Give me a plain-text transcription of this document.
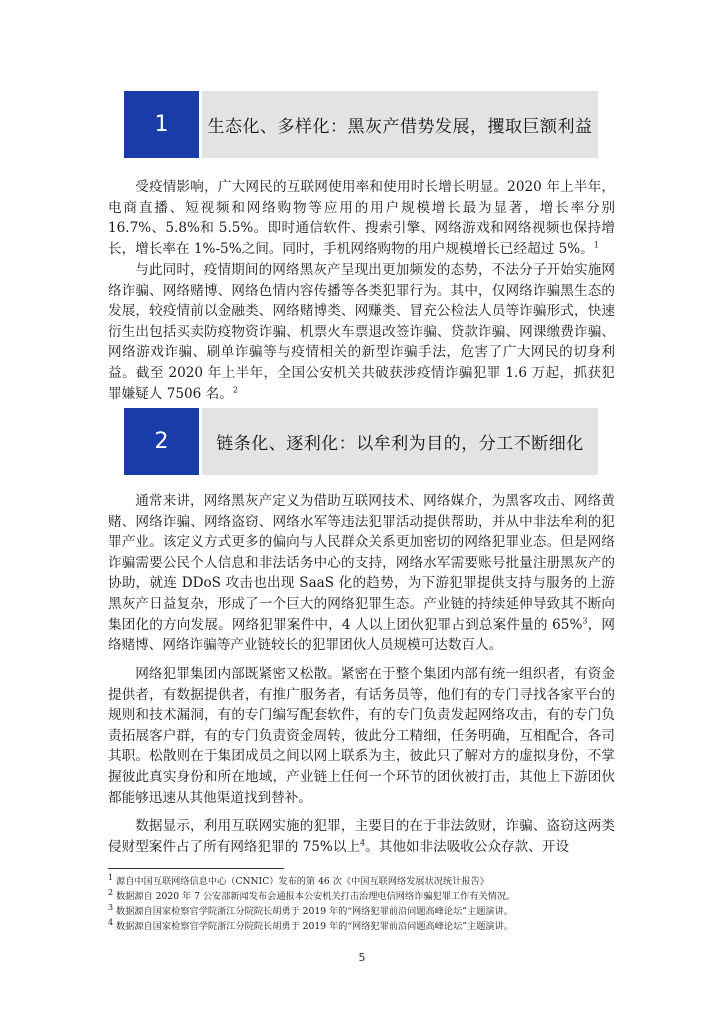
1	生态化、多样化：黑灰产借势发展，攫取巨额利益

受疫情影响，广大网民的互联网使用率和使用时长增长明显。2020 年上半年，电商直播、短视频和网络购物等应用的用户规模增长最为显著，增长率分别 16.7%、5.8%和 5.5%。即时通信软件、搜索引擎、网络游戏和网络视频也保持增长，增长率在 1%-5%之间。同时，手机网络购物的用户规模增长已经超过 5%。$^1$

与此同时，疫情期间的网络黑灰产呈现出更加频发的态势，不法分子开始实施网络诈骗、网络赌博、网络色情内容传播等各类犯罪行为。其中，仅网络诈骗黑生态的发展，较疫情前以金融类、网络赌博类、网赚类、冒充公检法人员等诈骗形式，快速衍生出包括买卖防疫物资诈骗、机票火车票退改签诈骗、贷款诈骗、网课缴费诈骗、网络游戏诈骗、刷单诈骗等与疫情相关的新型诈骗手法，危害了广大网民的切身利益。截至 2020 年上半年，全国公安机关共破获涉疫情诈骗犯罪 1.6 万起，抓获犯罪嫌疑人 7506 名。$^2$

2	链条化、逐利化：以牟利为目的，分工不断细化

通常来讲，网络黑灰产定义为借助互联网技术、网络媒介，为黑客攻击、网络黄赌、网络诈骗、网络盗窃、网络水军等违法犯罪活动提供帮助，并从中非法牟利的犯罪产业。该定义方式更多的偏向与人民群众关系更加密切的网络犯罪业态。但是网络诈骗需要公民个人信息和非法话务中心的支持，网络水军需要账号批量注册黑灰产的协助，就连 DDoS 攻击也出现 SaaS 化的趋势，为下游犯罪提供支持与服务的上游黑灰产日益复杂，形成了一个巨大的网络犯罪生态。产业链的持续延伸导致其不断向集团化的方向发展。网络犯罪案件中，4 人以上团伙犯罪占到总案件量的 65%$^3$，网络赌博、网络诈骗等产业链较长的犯罪团伙人员规模可达数百人。

网络犯罪集团内部既紧密又松散。紧密在于整个集团内部有统一组织者，有资金提供者，有数据提供者，有推广服务者，有话务员等，他们有的专门寻找各家平台的规则和技术漏洞，有的专门编写配套软件，有的专门负责发起网络攻击，有的专门负责拓展客户群，有的专门负责资金周转，彼此分工精细，任务明确，互相配合，各司其职。松散则在于集团成员之间以网上联系为主，彼此只了解对方的虚拟身份，不掌握彼此真实身份和所在地域，产业链上任何一个环节的团伙被打击，其他上下游团伙都能够迅速从其他渠道找到替补。

数据显示，利用互联网实施的犯罪，主要目的在于非法敛财，诈骗、盗窃这两类侵财型案件占了所有网络犯罪的 75%以上$^4$。其他如非法吸收公众存款、开设

$^1$ 源自中国互联网络信息中心（CNNIC）发布的第 46 次《中国互联网络发展状况统计报告》

$^2$ 数据源自 2020 年 7 公安部新闻发布会通报本公安机关打击治理电信网络诈骗犯罪工作有关情况。

$^3$ 数据源自国家检察官学院浙江分院院长胡勇于 2019 年的“网络犯罪前沿问题高峰论坛”主题演讲。

$^4$ 数据源自国家检察官学院浙江分院院长胡勇于 2019 年的“网络犯罪前沿问题高峰论坛”主题演讲。

5
